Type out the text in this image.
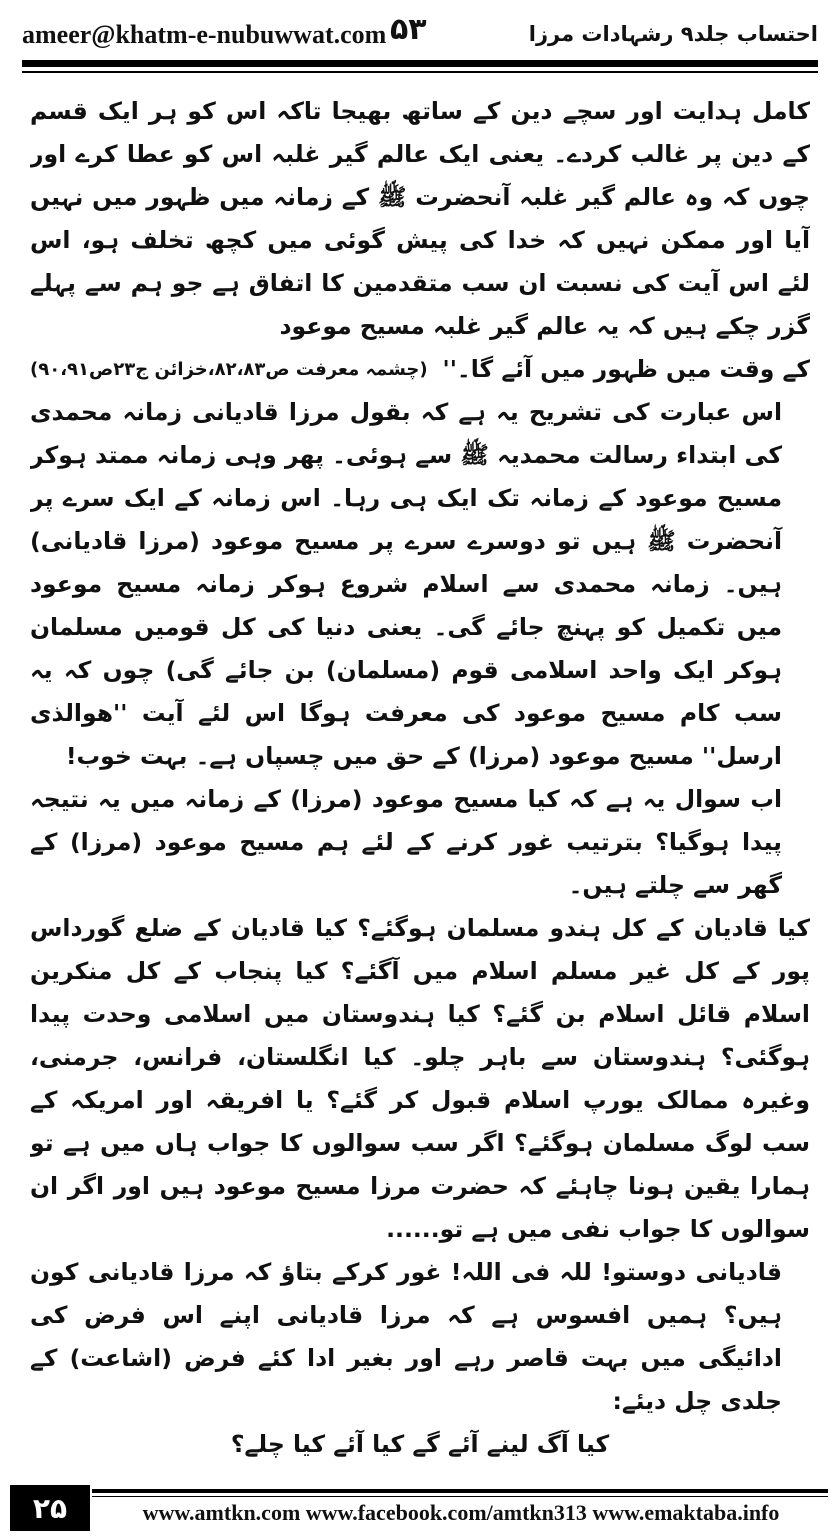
ameer@khatm-e-nubuwwat.com ۵۳	احتساب جلد۹ رشہادات مرزا

کامل ہدایت اور سچے دین کے ساتھ بھیجا تاکہ اس کو ہر ایک قسم کے دین پر غالب کردے۔ یعنی ایک عالم گیر غلبہ اس کو عطا کرے اور چوں کہ وہ عالم گیر غلبہ آنحضرت ﷺ کے زمانہ میں ظہور میں نہیں آیا اور ممکن نہیں کہ خدا کی پیش گوئی میں کچھ تخلف ہو، اس لئے اس آیت کی نسبت ان سب متقدمین کا اتفاق ہے جو ہم سے پہلے گزر چکے ہیں کہ یہ عالم گیر غلبہ مسیح موعود

کے وقت میں ظہور میں آئے گا۔''
(چشمہ معرفت ص۸۲،۸۳،خزائن ج۲۳ص۹۰،۹۱)

اس عبارت کی تشریح یہ ہے کہ بقول مرزا قادیانی زمانہ محمدی کی ابتداء رسالت محمدیہ ﷺ سے ہوئی۔ پھر وہی زمانہ ممتد ہوکر مسیح موعود کے زمانہ تک ایک ہی رہا۔ اس زمانہ کے ایک سرے پر آنحضرت ﷺ ہیں تو دوسرے سرے پر مسیح موعود (مرزا قادیانی) ہیں۔ زمانہ محمدی سے اسلام شروع ہوکر زمانہ مسیح موعود میں تکمیل کو پہنچ جائے گی۔ یعنی دنیا کی کل قومیں مسلمان ہوکر ایک واحد اسلامی قوم (مسلمان) بن جائے گی) چوں کہ یہ سب کام مسیح موعود کی معرفت ہوگا اس لئے آیت ''ھوالذی ارسل'' مسیح موعود (مرزا) کے حق میں چسپاں ہے۔ بہت خوب!

اب سوال یہ ہے کہ کیا مسیح موعود (مرزا) کے زمانہ میں یہ نتیجہ پیدا ہوگیا؟ بترتیب غور کرنے کے لئے ہم مسیح موعود (مرزا) کے گھر سے چلتے ہیں۔

کیا قادیان کے کل ہندو مسلمان ہوگئے؟ کیا قادیان کے ضلع گورداس پور کے کل غیر مسلم اسلام میں آگئے؟ کیا پنجاب کے کل منکرین اسلام قائل اسلام بن گئے؟ کیا ہندوستان میں اسلامی وحدت پیدا ہوگئی؟ ہندوستان سے باہر چلو۔ کیا انگلستان، فرانس، جرمنی، وغیرہ ممالک یورپ اسلام قبول کر گئے؟ یا افریقہ اور امریکہ کے سب لوگ مسلمان ہوگئے؟ اگر سب سوالوں کا جواب ہاں میں ہے تو ہمارا یقین ہونا چاہئے کہ حضرت مرزا مسیح موعود ہیں اور اگر ان سوالوں کا جواب نفی میں ہے تو......

قادیانی دوستو! للہ فی اللہ! غور کرکے بتاؤ کہ مرزا قادیانی کون ہیں؟ ہمیں افسوس ہے کہ مرزا قادیانی اپنے اس فرض کی ادائیگی میں بہت قاصر رہے اور بغیر ادا کئے فرض (اشاعت) کے جلدی چل دیئے:

کیا آگ لینے آئے گے کیا آئے کیا چلے؟

۲۵	www.amtkn.com www.facebook.com/amtkn313 www.emaktaba.info
